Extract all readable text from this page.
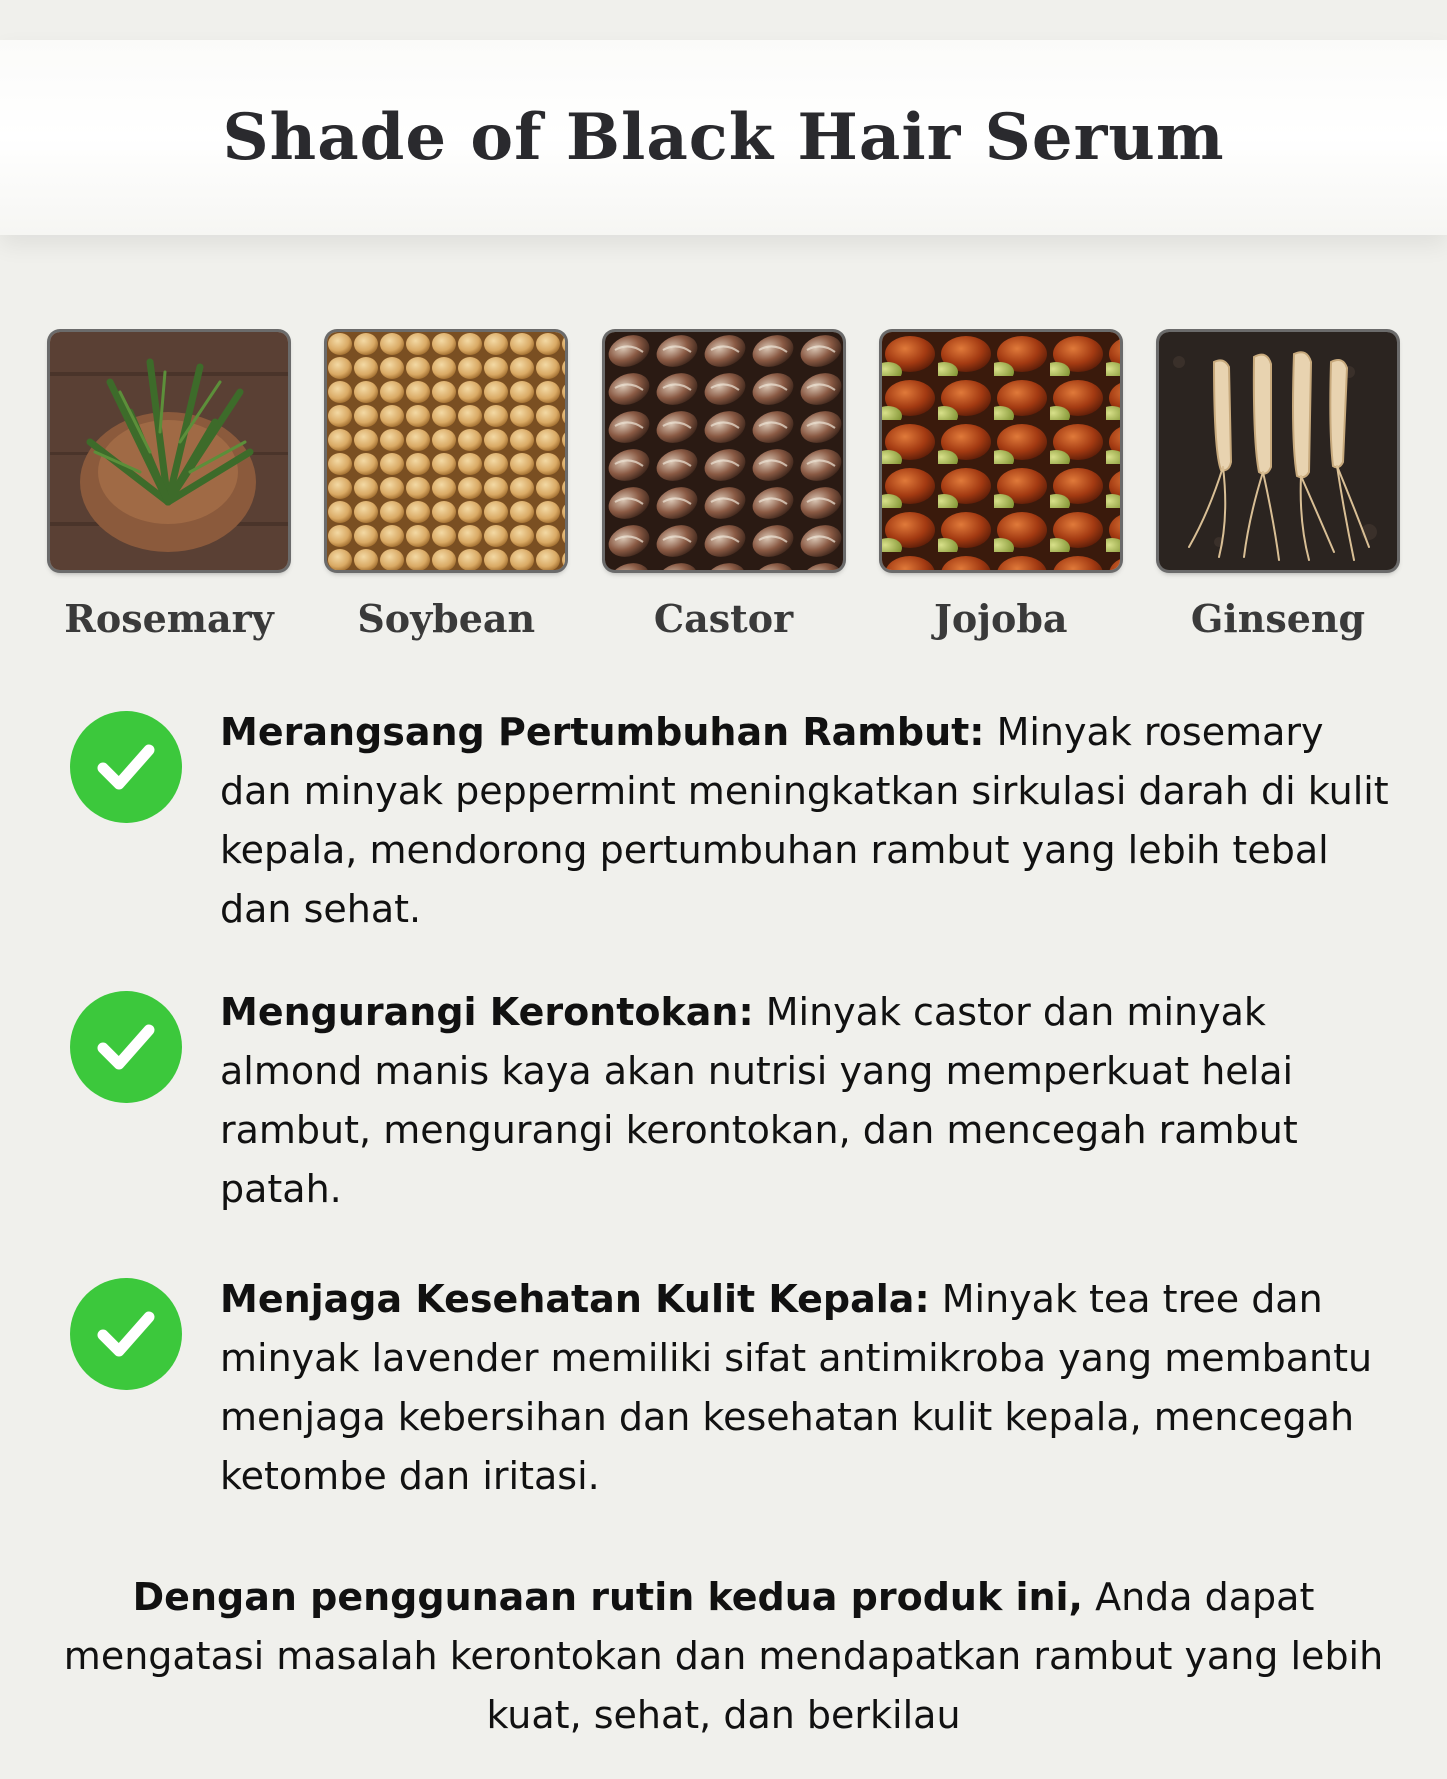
Shade of Black Hair Serum
Rosemary Soybean	Castor	Jojoba	Ginseng
Merangsang Pertumbuhan Rambut: Minyak rosemary dan minyak peppermint meningkatkan sirkulasi darah di kulit kepala, mendorong pertumbuhan rambut yang lebih tebal dan sehat.
Mengurangi Kerontokan: Minyak castor dan minyak almond manis kaya akan nutrisi yang memperkuat helai rambut, mengurangi kerontokan, dan mencegah rambut patah.
Menjaga Kesehatan Kulit Kepala: Minyak tea tree dan minyak lavender memiliki sifat antimikroba yang membantu menjaga kebersihan dan kesehatan kulit kepala, mencegah ketombe dan iritasi.
Dengan penggunaan rutin kedua produk ini, Anda dapat mengatasi masalah kerontokan dan mendapatkan rambut yang lebih kuat, sehat, dan berkilau
